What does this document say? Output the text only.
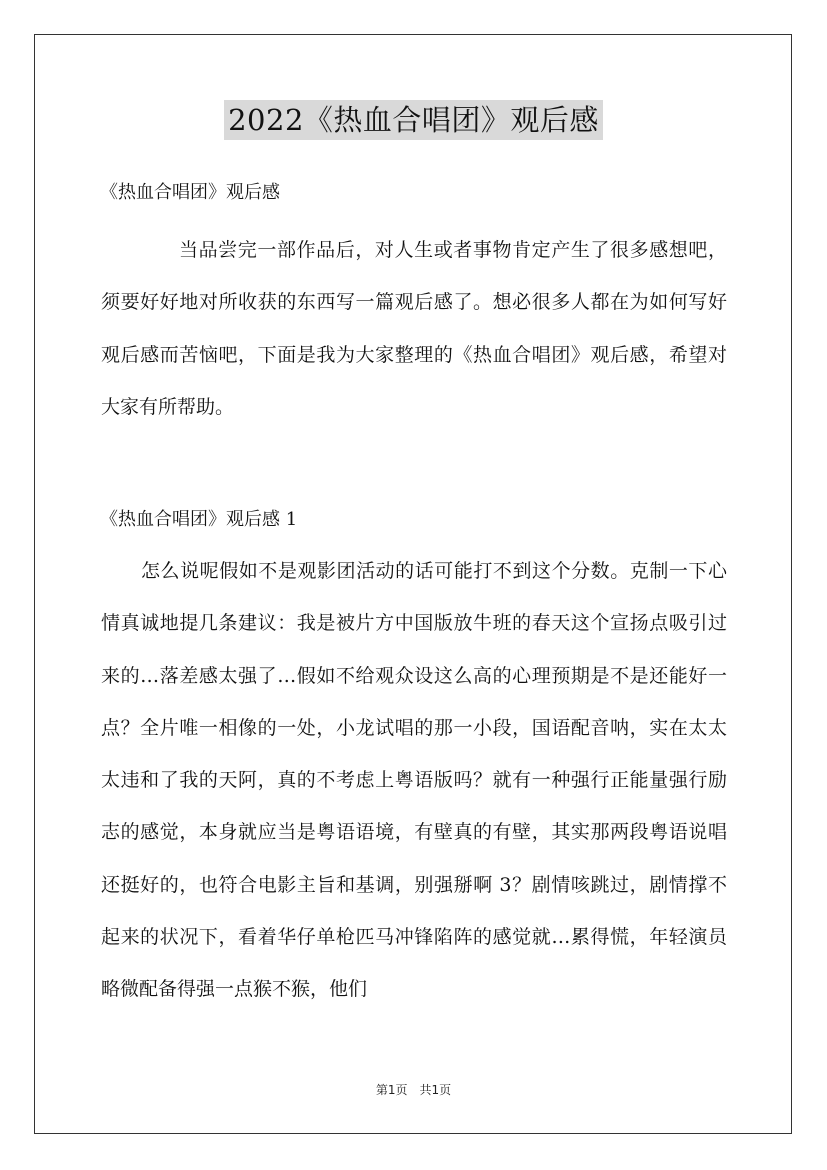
2022《热血合唱团》观后感
《热血合唱团》观后感

当品尝完一部作品后，对人生或者事物肯定产生了很多感想吧，须要好好地对所收获的东西写一篇观后感了。想必很多人都在为如何写好观后感而苦恼吧，下面是我为大家整理的《热血合唱团》观后感，希望对大家有所帮助。

《热血合唱团》观后感 1

怎么说呢假如不是观影团活动的话可能打不到这个分数。克制一下心情真诚地提几条建议：我是被片方中国版放牛班的春天这个宣扬点吸引过来的…落差感太强了…假如不给观众设这么高的心理预期是不是还能好一点？全片唯一相像的一处，小龙试唱的那一小段，国语配音呐，实在太太太违和了我的天阿，真的不考虑上粤语版吗？就有一种强行正能量强行励志的感觉，本身就应当是粤语语境，有壁真的有壁，其实那两段粤语说唱还挺好的，也符合电影主旨和基调，别强掰啊 3？剧情咳跳过，剧情撑不起来的状况下，看着华仔单枪匹马冲锋陷阵的感觉就…累得慌，年轻演员略微配备得强一点猴不猴，他们

第1页 共1页
